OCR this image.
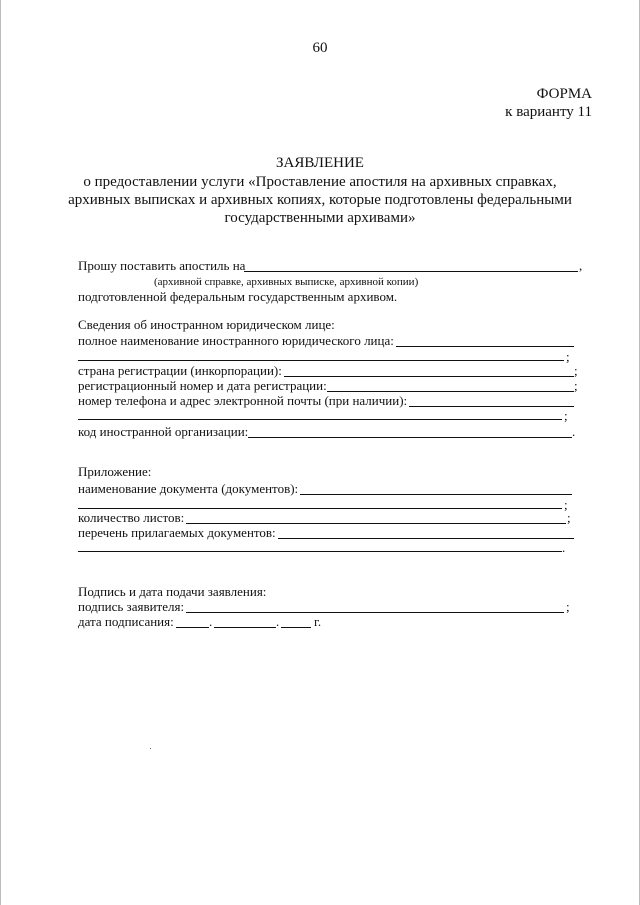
60
ФОРМА
к варианту 11
ЗАЯВЛЕНИЕ
о предоставлении услуги «Проставление апостиля на архивных справках,
архивных выписках и архивных копиях, которые подготовлены федеральными
государственными архивами»
Прошу поставить апостиль на	,
(архивной справке, архивных выписке, архивной копии)
подготовленной федеральным государственным архивом.
Сведения об иностранном юридическом лице:
полное наименование иностранного юридического лица:
;
страна регистрации (инкорпорации):	;
регистрационный номер и дата регистрации:	;
номер телефона и адрес электронной почты (при наличии):
;
код иностранной организации:	.
Приложение:
наименование документа (документов):
;
количество листов:	;
перечень прилагаемых документов:
.
Подпись и дата подачи заявления:
подпись заявителя:	;
дата подписания:	.	.	г.
